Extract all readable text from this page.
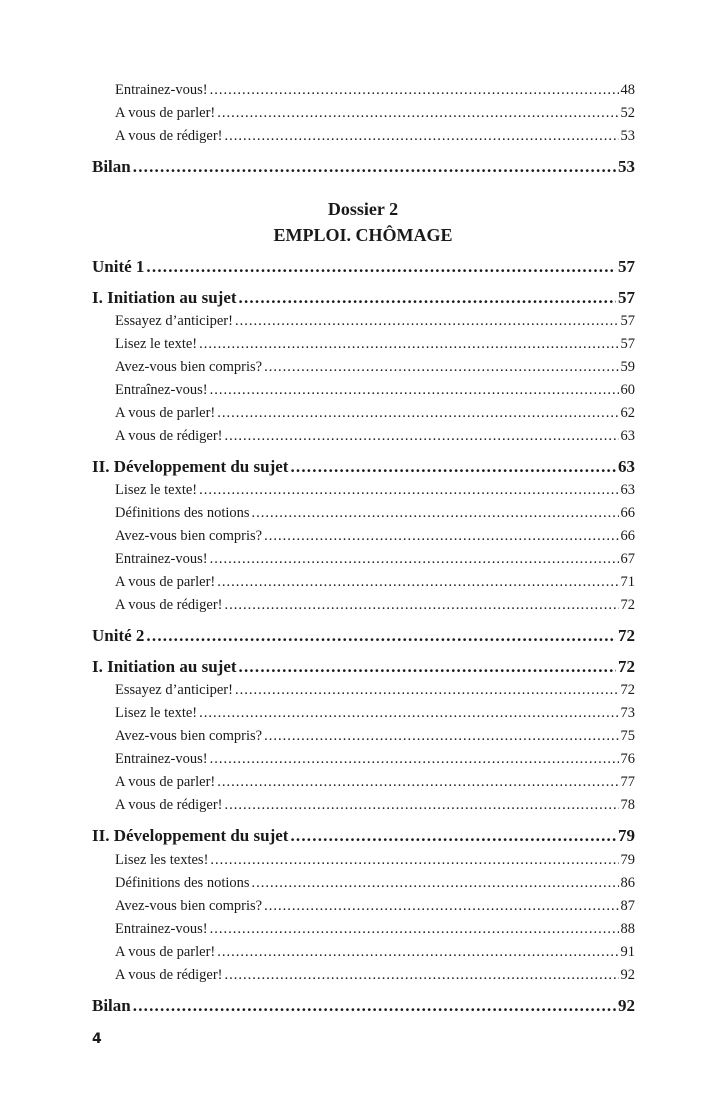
Entrainez-vous! .....	48
A vous de parler! .....	52
A vous de rédiger! .....	53
Bilan .....	53
Dossier 2
EMPLOI. CHÔMAGE
Unité 1 .....	57
I. Initiation au sujet .....	57
Essayez d’anticiper! .....	57
Lisez le texte! .....	57
Avez-vous bien compris? .....	59
Entraînez-vous! .....	60
A vous de parler! .....	62
A vous de rédiger! .....	63
II. Développement du sujet .....	63
Lisez le texte! .....	63
Définitions des notions .....	66
Avez-vous bien compris? .....	66
Entrainez-vous! .....	67
A vous de parler! .....	71
A vous de rédiger! .....	72
Unité 2 .....	72
I. Initiation au sujet .....	72
Essayez d’anticiper! .....	72
Lisez le texte! .....	73
Avez-vous bien compris? .....	75
Entrainez-vous! .....	76
A vous de parler! .....	77
A vous de rédiger! .....	78
II. Développement du sujet .....	79
Lisez les textes! .....	79
Définitions des notions .....	86
Avez-vous bien compris? .....	87
Entrainez-vous! .....	88
A vous de parler! .....	91
A vous de rédiger! .....	92
Bilan .....	92
4
